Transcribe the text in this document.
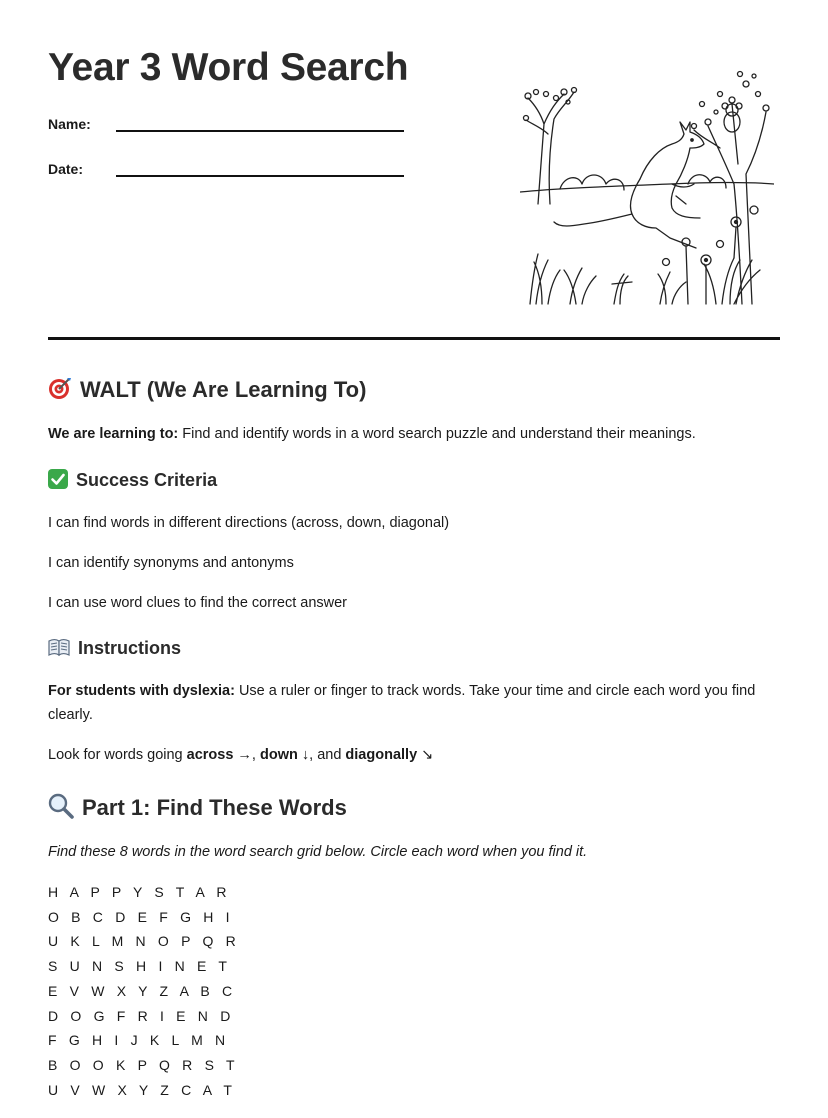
Year 3 Word Search
Name:
Date:
WALT (We Are Learning To)

We are learning to: Find and identify words in a word search puzzle and understand their meanings.

Success Criteria

I can find words in different directions (across, down, diagonal)

I can identify synonyms and antonyms

I can use word clues to find the correct answer

Instructions

For students with dyslexia: Use a ruler or finger to track words. Take your time and circle each word you find clearly.

Look for words going across →, down ↓, and diagonally ↘

Part 1: Find These Words

Find these 8 words in the word search grid below. Circle each word when you find it.

H A P P Y S T A R
O B C D E F G H I
U K L M N O P Q R
S U N S H I N E T
E V W X Y Z A B C
D O G F R I E N D
F G H I J K L M N
B O O K P Q R S T
U V W X Y Z C A T
